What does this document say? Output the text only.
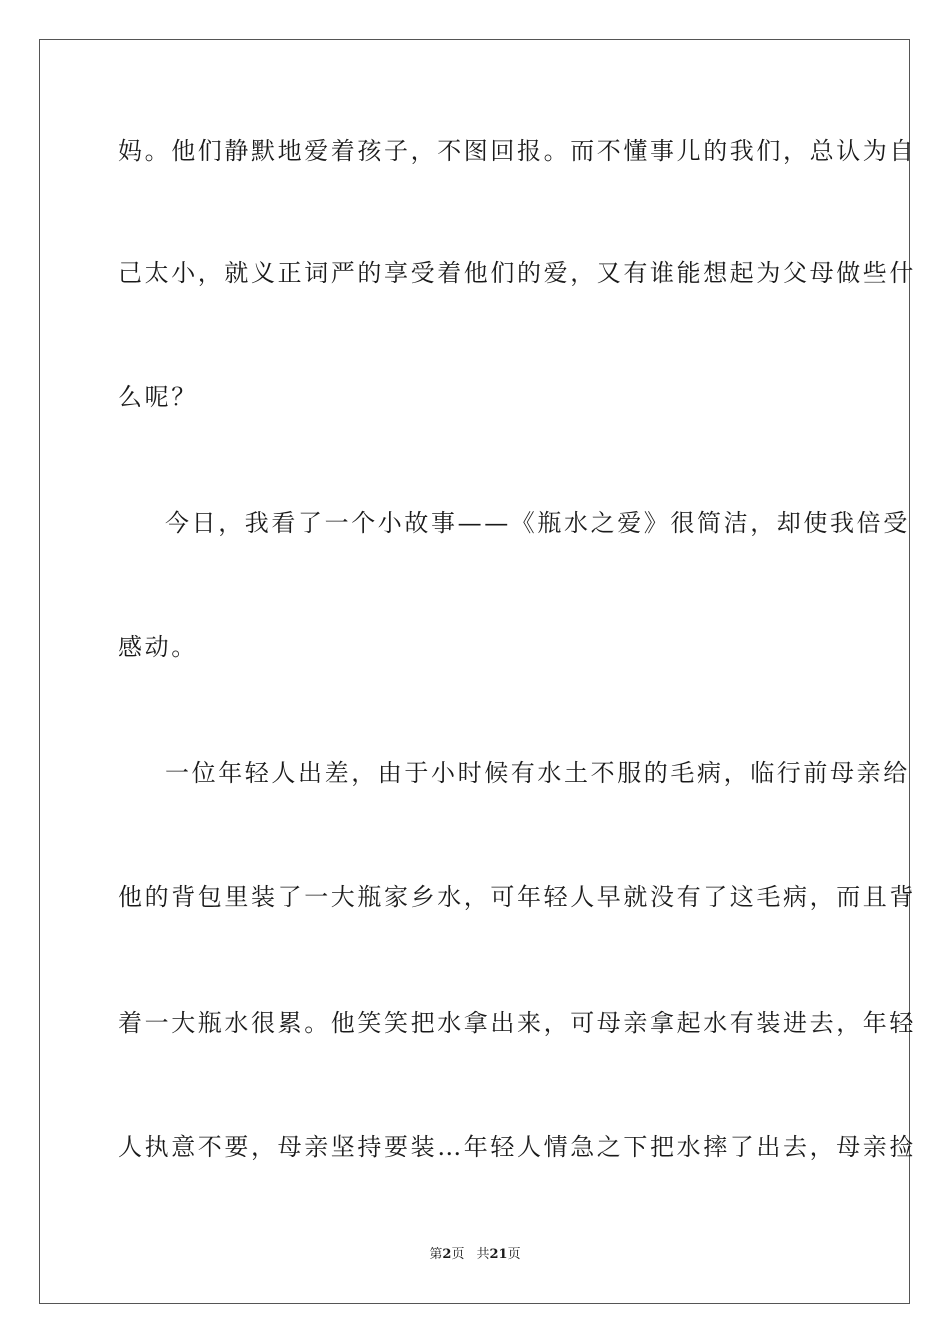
妈。他们静默地爱着孩子，不图回报。而不懂事儿的我们，总认为自
己太小，就义正词严的享受着他们的爱，又有谁能想起为父母做些什
么呢？
今日，我看了一个小故事——《瓶水之爱》很简洁，却使我倍受
感动。
一位年轻人出差，由于小时候有水土不服的毛病，临行前母亲给
他的背包里装了一大瓶家乡水，可年轻人早就没有了这毛病，而且背
着一大瓶水很累。他笑笑把水拿出来，可母亲拿起水有装进去，年轻
人执意不要，母亲坚持要装…年轻人情急之下把水摔了出去，母亲捡
第2页 共21页
